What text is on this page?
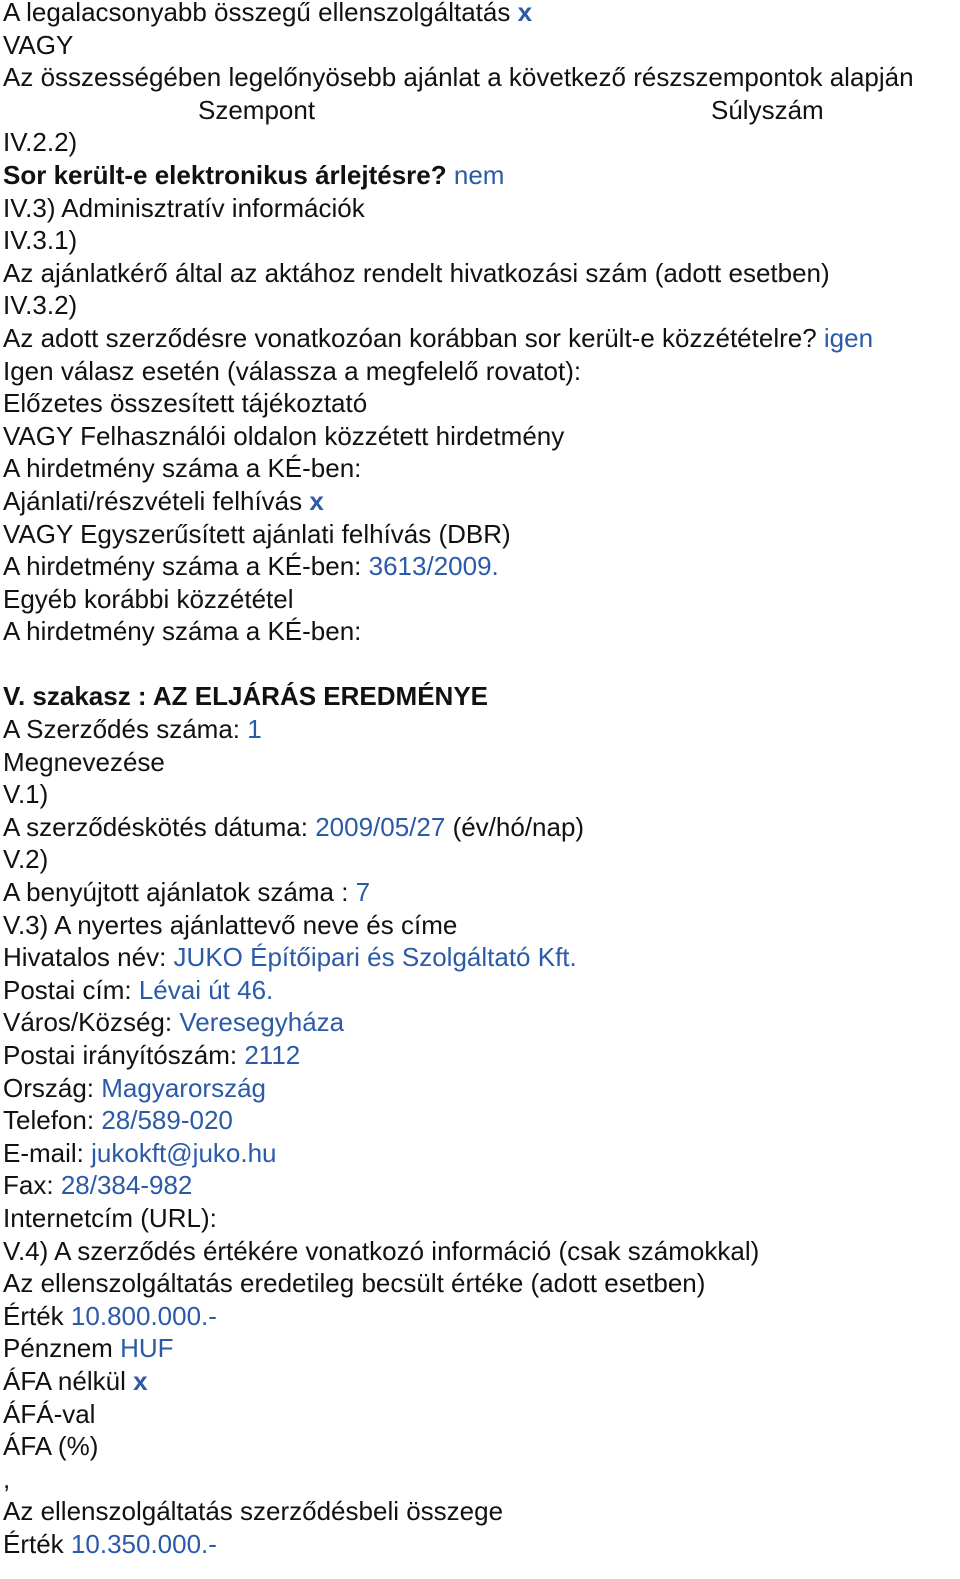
A legalacsonyabb összegű ellenszolgáltatás x
VAGY
Az összességében legelőnyösebb ajánlat a következő részszempontok alapján
Szempont	Súlyszám
IV.2.2)
Sor került-e elektronikus árlejtésre? nem
IV.3) Adminisztratív információk
IV.3.1)
Az ajánlatkérő által az aktához rendelt hivatkozási szám (adott esetben)
IV.3.2)
Az adott szerződésre vonatkozóan korábban sor került-e közzétételre? igen
Igen válasz esetén (válassza a megfelelő rovatot):
Előzetes összesített tájékoztató
VAGY Felhasználói oldalon közzétett hirdetmény
A hirdetmény száma a KÉ-ben:
Ajánlati/részvételi felhívás x
VAGY Egyszerűsített ajánlati felhívás (DBR)
A hirdetmény száma a KÉ-ben: 3613/2009.
Egyéb korábbi közzététel
A hirdetmény száma a KÉ-ben:
V. szakasz : AZ ELJÁRÁS EREDMÉNYE
A Szerződés száma: 1
Megnevezése
V.1)
A szerződéskötés dátuma: 2009/05/27 (év/hó/nap)
V.2)
A benyújtott ajánlatok száma : 7
V.3) A nyertes ajánlattevő neve és címe
Hivatalos név: JUKO Építőipari és Szolgáltató Kft.
Postai cím: Lévai út 46.
Város/Község: Veresegyháza
Postai irányítószám: 2112
Ország: Magyarország
Telefon: 28/589-020
E-mail: jukokft@juko.hu
Fax: 28/384-982
Internetcím (URL):
V.4) A szerződés értékére vonatkozó információ (csak számokkal)
Az ellenszolgáltatás eredetileg becsült értéke (adott esetben)
Érték 10.800.000.-
Pénznem HUF
ÁFA nélkül x
ÁFÁ-val
ÁFA (%)
,
Az ellenszolgáltatás szerződésbeli összege
Érték 10.350.000.-
